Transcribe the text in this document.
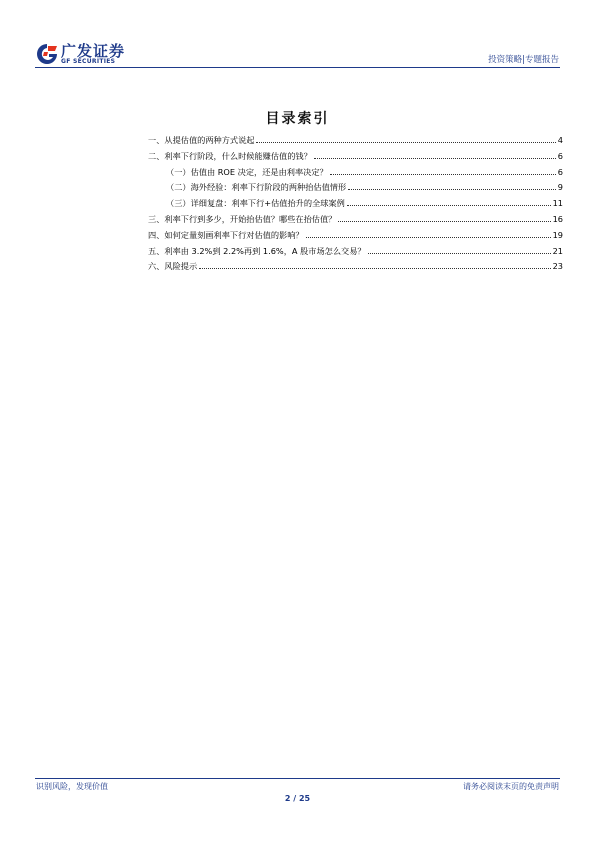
广发证券
GF SECURITIES	投资策略|专题报告
目录索引
一、从提估值的两种方式说起	4
二、利率下行阶段，什么时候能赚估值的钱？	6
（一）估值由 ROE 决定，还是由利率决定？	6
（二）海外经验：利率下行阶段的两种抬估值情形	9
（三）详细复盘：利率下行+估值抬升的全球案例	11
三、利率下行到多少，开始抬估值？哪些在抬估值？	16
四、如何定量刻画利率下行对估值的影响？	19
五、利率由 3.2%到 2.2%再到 1.6%，A 股市场怎么交易？	21
六、风险提示	23
识别风险，发现价值	请务必阅读末页的免责声明
2 / 25
